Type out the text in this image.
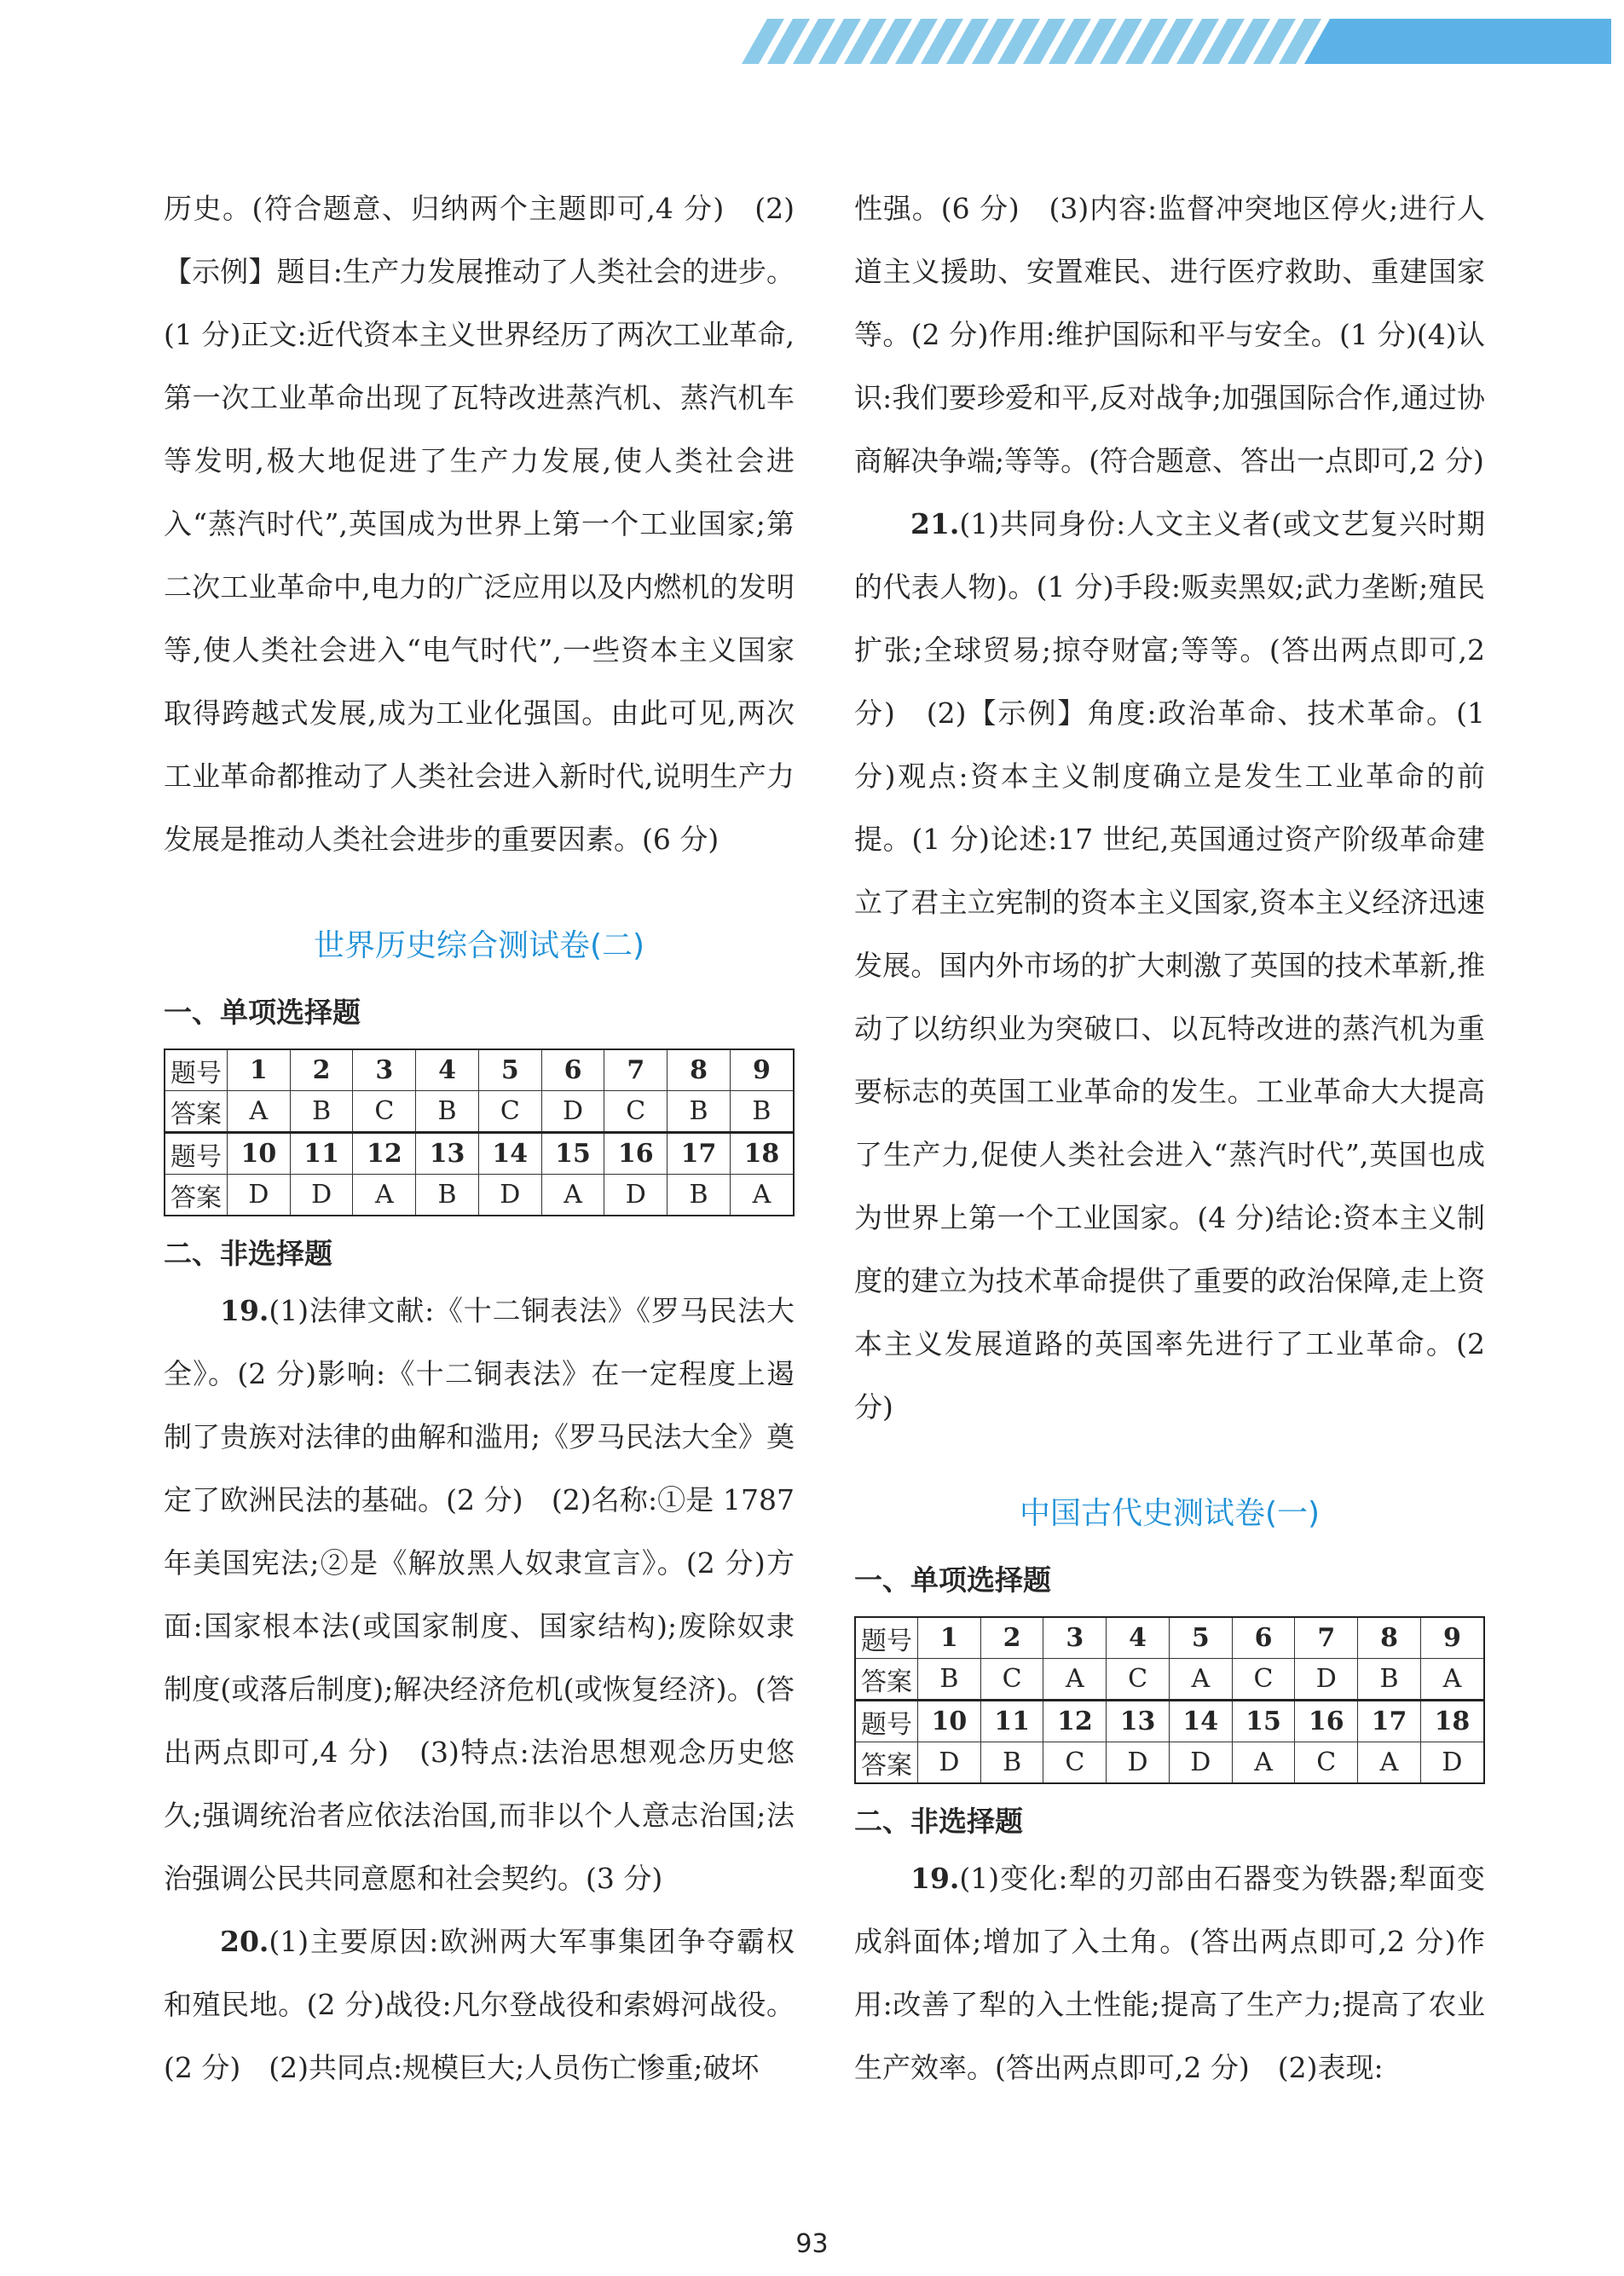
历史。(符合题意、归纳两个主题即可,4 分)　(2)【示例】题目:生产力发展推动了人类社会的进步。(1 分)正文:近代资本主义世界经历了两次工业革命,第一次工业革命出现了瓦特改进蒸汽机、蒸汽机车等发明,极大地促进了生产力发展,使人类社会进入“蒸汽时代”,英国成为世界上第一个工业国家;第二次工业革命中,电力的广泛应用以及内燃机的发明等,使人类社会进入“电气时代”,一些资本主义国家取得跨越式发展,成为工业化强国。由此可见,两次工业革命都推动了人类社会进入新时代,说明生产力发展是推动人类社会进步的重要因素。(6 分)

世界历史综合测试卷(二)

一、单项选择题

题号	1	2	3	4	5	6	7	8	9
答案	A	B	C	B	C	D	C	B	B
题号	10	11	12	13	14	15	16	17	18
答案	D	D	A	B	D	A	D	B	A

二、非选择题

19.(1)法律文献:《十二铜表法》《罗马民法大全》。(2 分)影响:《十二铜表法》在一定程度上遏制了贵族对法律的曲解和滥用;《罗马民法大全》奠定了欧洲民法的基础。(2 分)　(2)名称:①是 1787 年美国宪法;②是《解放黑人奴隶宣言》。(2 分)方面:国家根本法(或国家制度、国家结构);废除奴隶制度(或落后制度);解决经济危机(或恢复经济)。(答出两点即可,4 分)　(3)特点:法治思想观念历史悠久;强调统治者应依法治国,而非以个人意志治国;法治强调公民共同意愿和社会契约。(3 分)

20.(1)主要原因:欧洲两大军事集团争夺霸权和殖民地。(2 分)战役:凡尔登战役和索姆河战役。(2 分)　(2)共同点:规模巨大;人员伤亡惨重;破坏

性强。(6 分)　(3)内容:监督冲突地区停火;进行人道主义援助、安置难民、进行医疗救助、重建国家等。(2 分)作用:维护国际和平与安全。(1 分)(4)认识:我们要珍爱和平,反对战争;加强国际合作,通过协商解决争端;等等。(符合题意、答出一点即可,2 分)

21.(1)共同身份:人文主义者(或文艺复兴时期的代表人物)。(1 分)手段:贩卖黑奴;武力垄断;殖民扩张;全球贸易;掠夺财富;等等。(答出两点即可,2 分)　(2)【示例】角度:政治革命、技术革命。(1 分)观点:资本主义制度确立是发生工业革命的前提。(1 分)论述:17 世纪,英国通过资产阶级革命建立了君主立宪制的资本主义国家,资本主义经济迅速发展。国内外市场的扩大刺激了英国的技术革新,推动了以纺织业为突破口、以瓦特改进的蒸汽机为重要标志的英国工业革命的发生。工业革命大大提高了生产力,促使人类社会进入“蒸汽时代”,英国也成为世界上第一个工业国家。(4 分)结论:资本主义制度的建立为技术革命提供了重要的政治保障,走上资本主义发展道路的英国率先进行了工业革命。(2 分)

中国古代史测试卷(一)

一、单项选择题

题号	1	2	3	4	5	6	7	8	9
答案	B	C	A	C	A	C	D	B	A
题号	10	11	12	13	14	15	16	17	18
答案	D	B	C	D	D	A	C	A	D

二、非选择题

19.(1)变化:犁的刃部由石器变为铁器;犁面变成斜面体;增加了入土角。(答出两点即可,2 分)作用:改善了犁的入土性能;提高了生产力;提高了农业生产效率。(答出两点即可,2 分)　(2)表现:

93
